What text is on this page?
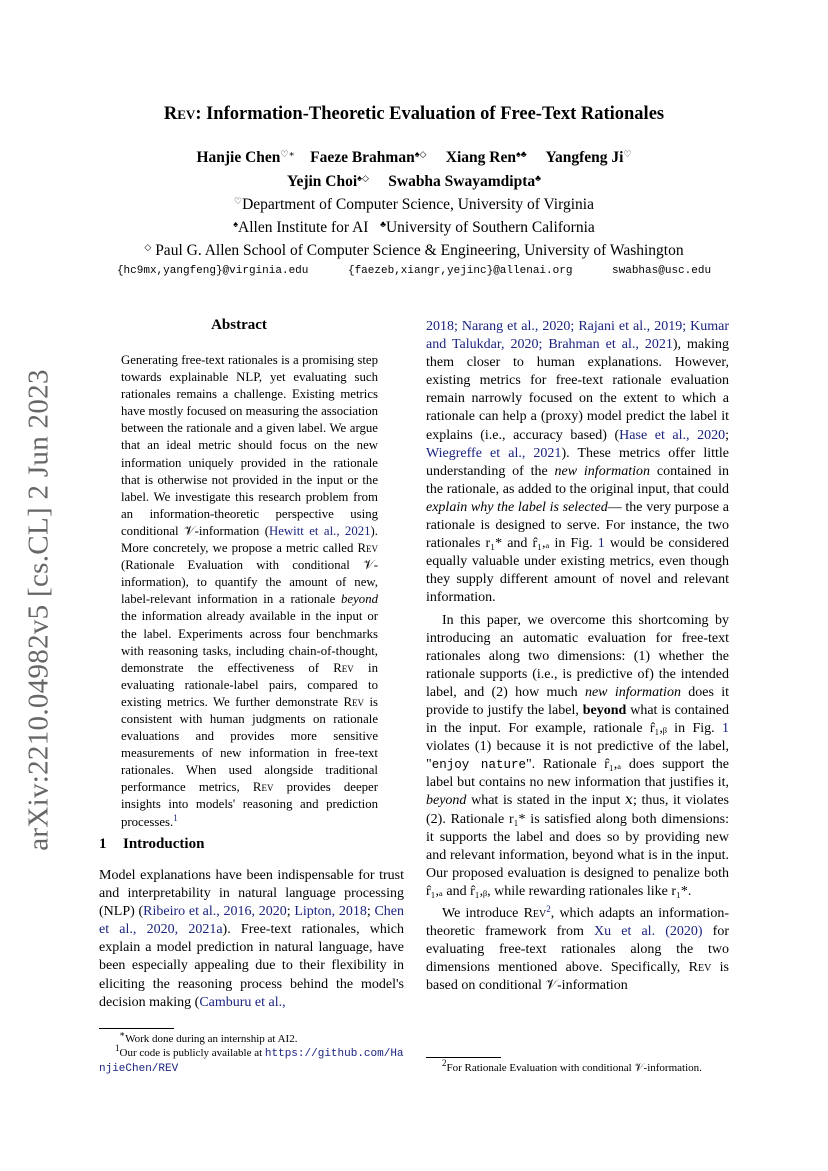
arXiv:2210.04982v5 [cs.CL] 2 Jun 2023
Rev: Information-Theoretic Evaluation of Free-Text Rationales
Hanjie Chen♡∗ Faeze Brahman♠◇ Xiang Ren♠♣ Yangfeng Ji♡
Yejin Choi♠◇ Swabha Swayamdipta♣
♡Department of Computer Science, University of Virginia
♠Allen Institute for AI ♣University of Southern California
◇ Paul G. Allen School of Computer Science & Engineering, University of Washington
{hc9mx,yangfeng}@virginia.edu	{faezeb,xiangr,yejinc}@allenai.org	swabhas@usc.edu
Abstract
Generating free-text rationales is a promising step towards explainable NLP, yet evaluating such rationales remains a challenge. Existing metrics have mostly focused on measuring the association between the rationale and a given label. We argue that an ideal metric should focus on the new information uniquely provided in the rationale that is otherwise not provided in the input or the label. We investigate this research problem from an information-theoretic perspective using conditional 𝒱-information (Hewitt et al., 2021). More concretely, we propose a metric called Rev (Rationale Evaluation with conditional 𝒱-information), to quantify the amount of new, label-relevant information in a rationale beyond the information already available in the input or the label. Experiments across four benchmarks with reasoning tasks, including chain-of-thought, demonstrate the effectiveness of Rev in evaluating rationale-label pairs, compared to existing metrics. We further demonstrate Rev is consistent with human judgments on rationale evaluations and provides more sensitive measurements of new information in free-text rationales. When used alongside traditional performance metrics, Rev provides deeper insights into models' reasoning and prediction processes.$^1$
1 Introduction

Model explanations have been indispensable for trust and interpretability in natural language processing (NLP) (Ribeiro et al., 2016, 2020; Lipton, 2018; Chen et al., 2020, 2021a). Free-text rationales, which explain a model prediction in natural language, have been especially appealing due to their flexibility in eliciting the reasoning process behind the model's decision making (Camburu et al.,

∗Work done during an internship at AI2.
$^1$Our code is publicly available at https://github.com/HanjieChen/REV

2018; Narang et al., 2020; Rajani et al., 2019; Kumar and Talukdar, 2020; Brahman et al., 2021), making them closer to human explanations. However, existing metrics for free-text rationale evaluation remain narrowly focused on the extent to which a rationale can help a (proxy) model predict the label it explains (i.e., accuracy based) (Hase et al., 2020; Wiegreffe et al., 2021). These metrics offer little understanding of the new information contained in the rationale, as added to the original input, that could explain why the label is selected— the very purpose a rationale is designed to serve. For instance, the two rationales r₁* and r̂₁,ₐ in Fig. 1 would be considered equally valuable under existing metrics, even though they supply different amount of novel and relevant information.

In this paper, we overcome this shortcoming by introducing an automatic evaluation for free-text rationales along two dimensions: (1) whether the rationale supports (i.e., is predictive of) the intended label, and (2) how much new information does it provide to justify the label, beyond what is contained in the input. For example, rationale r̂₁,ᵦ in Fig. 1 violates (1) because it is not predictive of the label, "enjoy nature". Rationale r̂₁,ₐ does support the label but contains no new information that justifies it, beyond what is stated in the input 𝑥; thus, it violates (2). Rationale r₁* is satisfied along both dimensions: it supports the label and does so by providing new and relevant information, beyond what is in the input. Our proposed evaluation is designed to penalize both r̂₁,ₐ and r̂₁,ᵦ, while rewarding rationales like r₁*.

We introduce Rev$^2$, which adapts an information-theoretic framework from Xu et al. (2020) for evaluating free-text rationales along the two dimensions mentioned above. Specifically, Rev is based on conditional 𝒱-information

$^2$For Rationale Evaluation with conditional 𝒱-information.
